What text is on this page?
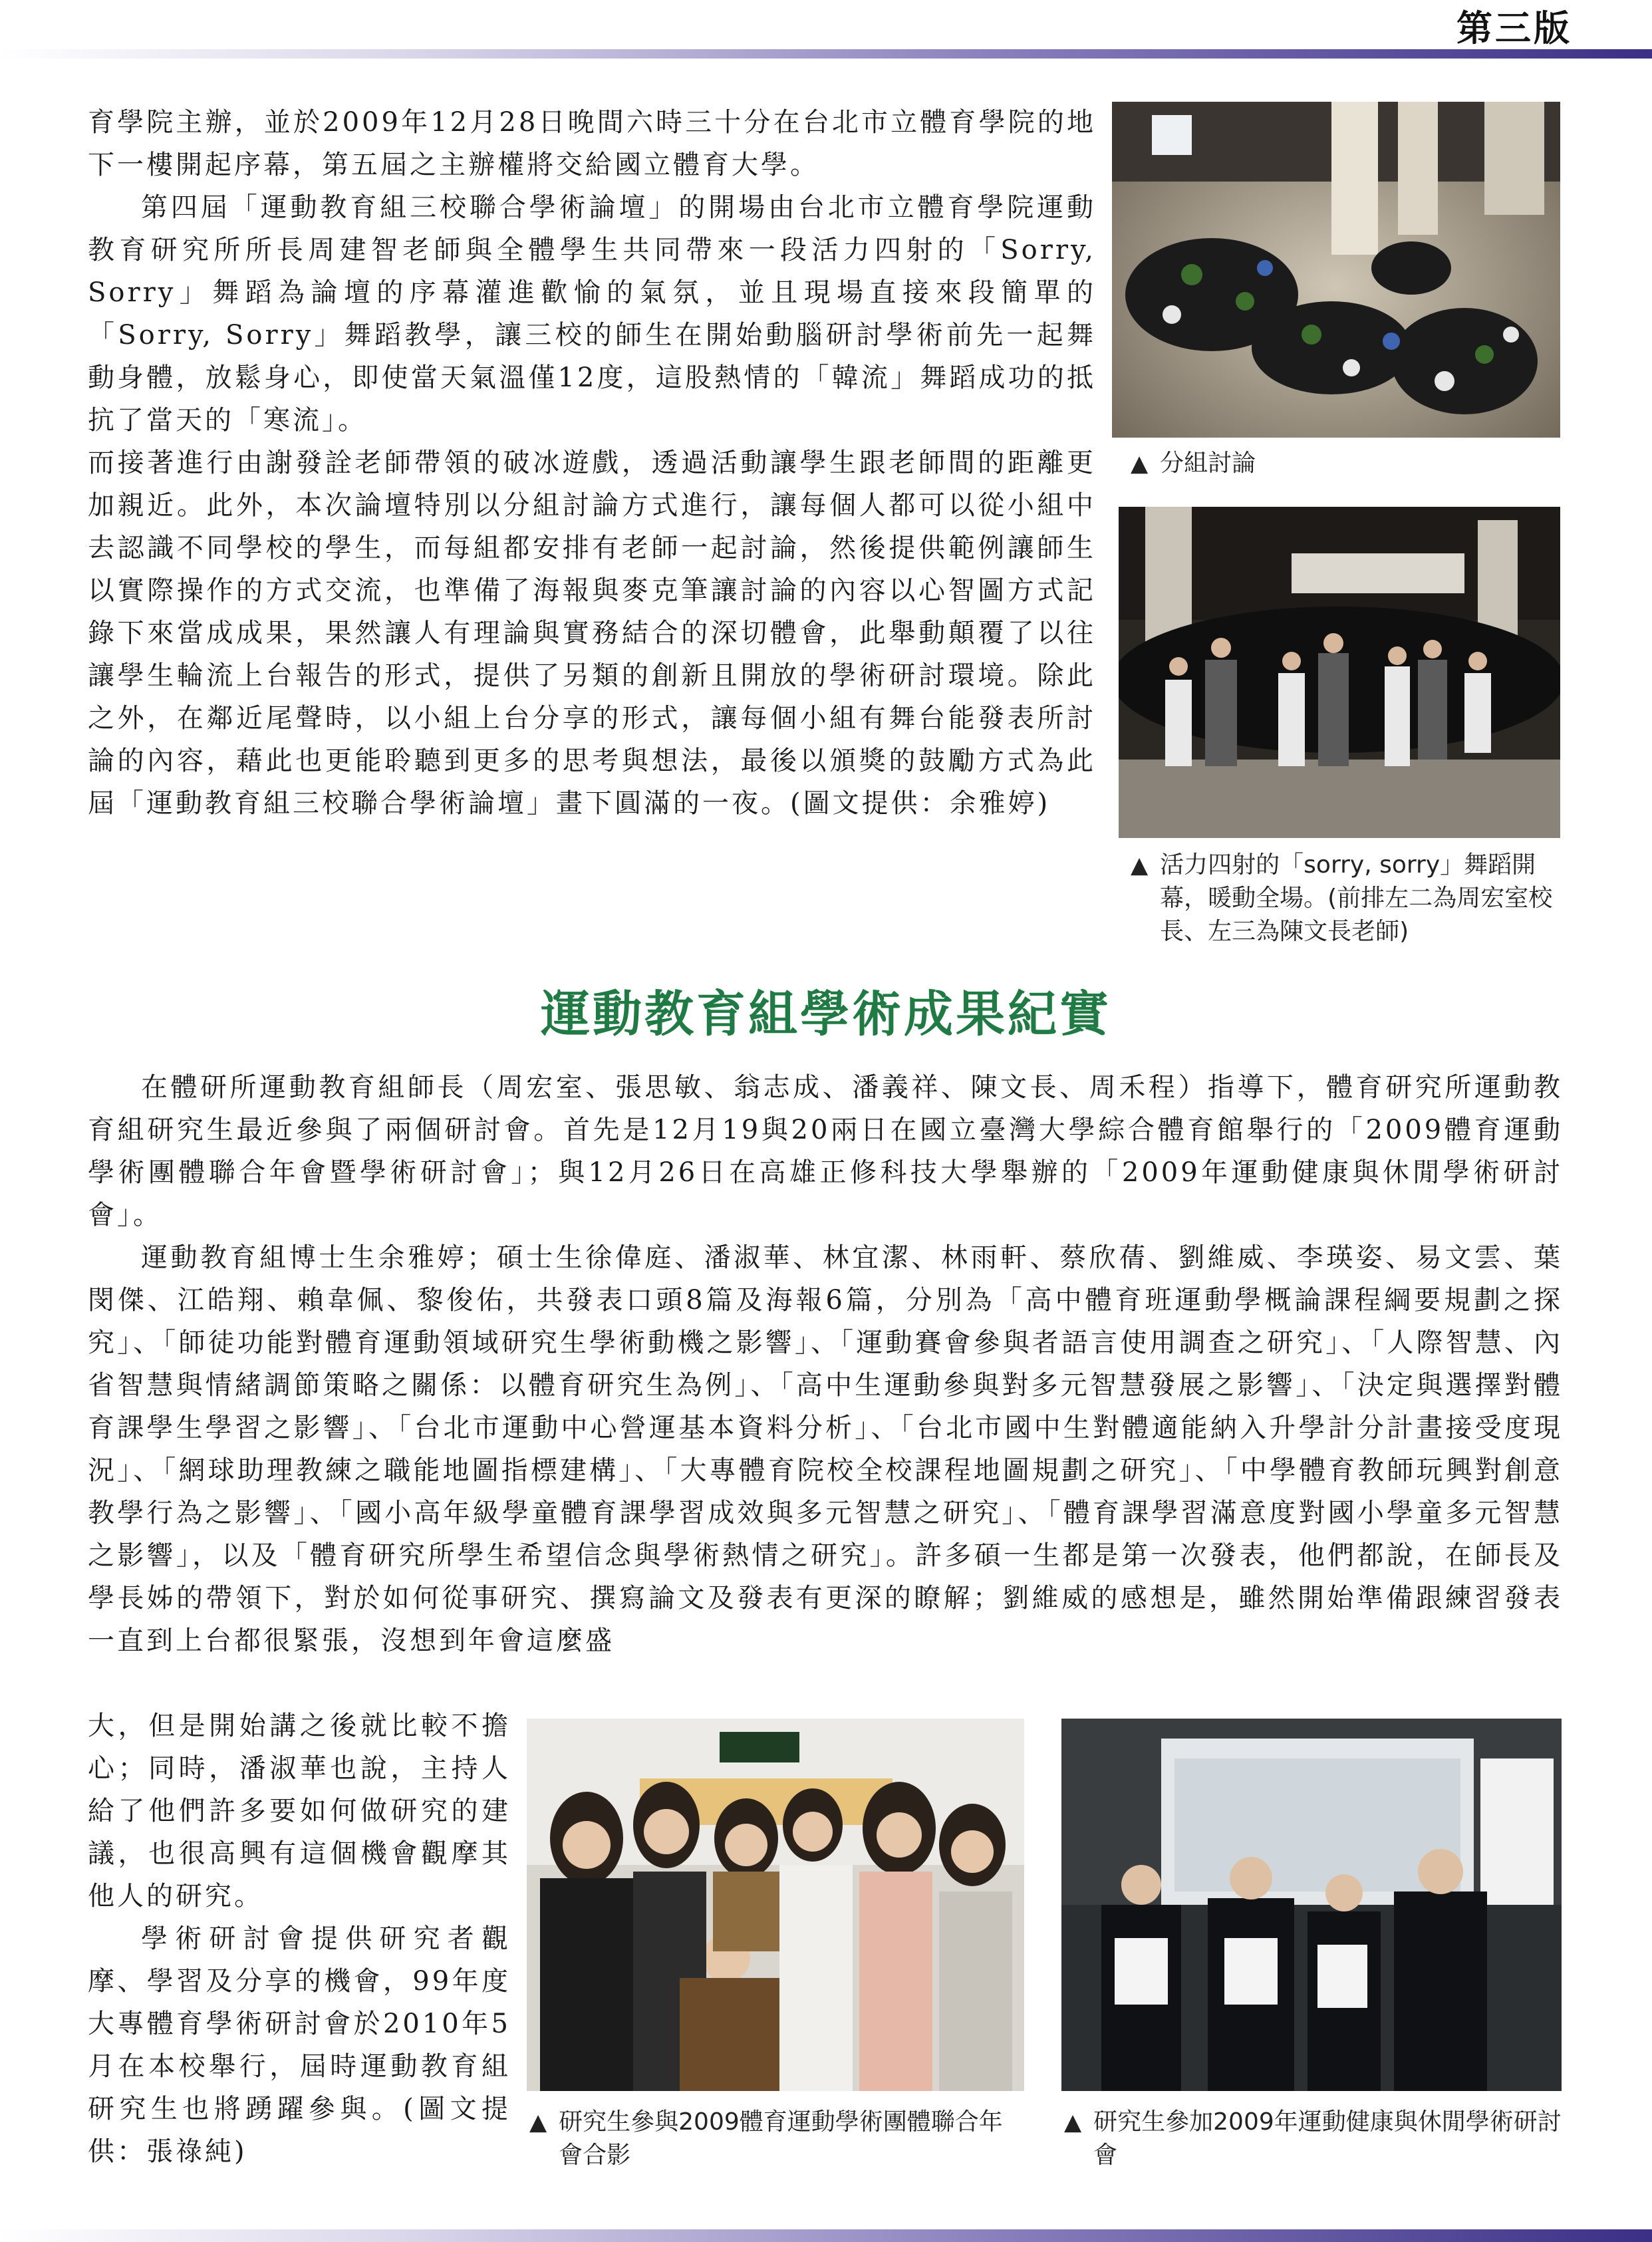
第三版

育學院主辦，並於2009年12月28日晚間六時三十分在台北市立體育學院的地下一樓開起序幕，第五屆之主辦權將交給國立體育大學。

第四屆「運動教育組三校聯合學術論壇」的開場由台北市立體育學院運動教育研究所所長周建智老師與全體學生共同帶來一段活力四射的「Sorry, Sorry」舞蹈為論壇的序幕灌進歡愉的氣氛，並且現場直接來段簡單的「Sorry, Sorry」舞蹈教學，讓三校的師生在開始動腦研討學術前先一起舞動身體，放鬆身心，即使當天氣溫僅12度，這股熱情的「韓流」舞蹈成功的抵抗了當天的「寒流」。

而接著進行由謝發詮老師帶領的破冰遊戲，透過活動讓學生跟老師間的距離更加親近。此外，本次論壇特別以分組討論方式進行，讓每個人都可以從小組中去認識不同學校的學生，而每組都安排有老師一起討論，然後提供範例讓師生以實際操作的方式交流，也準備了海報與麥克筆讓討論的內容以心智圖方式記錄下來當成成果，果然讓人有理論與實務結合的深切體會，此舉動顛覆了以往讓學生輪流上台報告的形式，提供了另類的創新且開放的學術研討環境。除此之外，在鄰近尾聲時，以小組上台分享的形式，讓每個小組有舞台能發表所討論的內容，藉此也更能聆聽到更多的思考與想法，最後以頒獎的鼓勵方式為此屆「運動教育組三校聯合學術論壇」畫下圓滿的一夜。(圖文提供：余雅婷)

▲ 分組討論
▲ 活力四射的「sorry, sorry」舞蹈開幕，暖動全場。(前排左二為周宏室校長、左三為陳文長老師)
運動教育組學術成果紀實

在體研所運動教育組師長（周宏室、張思敏、翁志成、潘義祥、陳文長、周禾程）指導下，體育研究所運動教育組研究生最近參與了兩個研討會。首先是12月19與20兩日在國立臺灣大學綜合體育館舉行的「2009體育運動學術團體聯合年會暨學術研討會」；與12月26日在高雄正修科技大學舉辦的「2009年運動健康與休閒學術研討會」。

運動教育組博士生余雅婷；碩士生徐偉庭、潘淑華、林宜潔、林雨軒、蔡欣蒨、劉維威、李瑛姿、易文雲、葉閔傑、江皓翔、賴韋佩、黎俊佑，共發表口頭8篇及海報6篇，分別為「高中體育班運動學概論課程綱要規劃之探究」、「師徒功能對體育運動領域研究生學術動機之影響」、「運動賽會參與者語言使用調查之研究」、「人際智慧、內省智慧與情緒調節策略之關係：以體育研究生為例」、「高中生運動參與對多元智慧發展之影響」、「決定與選擇對體育課學生學習之影響」、「台北市運動中心營運基本資料分析」、「台北市國中生對體適能納入升學計分計畫接受度現況」、「網球助理教練之職能地圖指標建構」、「大專體育院校全校課程地圖規劃之研究」、「中學體育教師玩興對創意教學行為之影響」、「國小高年級學童體育課學習成效與多元智慧之研究」、「體育課學習滿意度對國小學童多元智慧之影響」，以及「體育研究所學生希望信念與學術熱情之研究」。許多碩一生都是第一次發表，他們都說，在師長及學長姊的帶領下，對於如何從事研究、撰寫論文及發表有更深的瞭解；劉維威的感想是，雖然開始準備跟練習發表一直到上台都很緊張，沒想到年會這麼盛

大，但是開始講之後就比較不擔心；同時，潘淑華也說，主持人給了他們許多要如何做研究的建議，也很高興有這個機會觀摩其他人的研究。

學術研討會提供研究者觀摩、學習及分享的機會，99年度大專體育學術研討會於2010年5月在本校舉行，屆時運動教育組研究生也將踴躍參與。(圖文提供：張祿純)

▲ 研究生參與2009體育運動學術團體聯合年會合影
▲ 研究生參加2009年運動健康與休閒學術研討會
